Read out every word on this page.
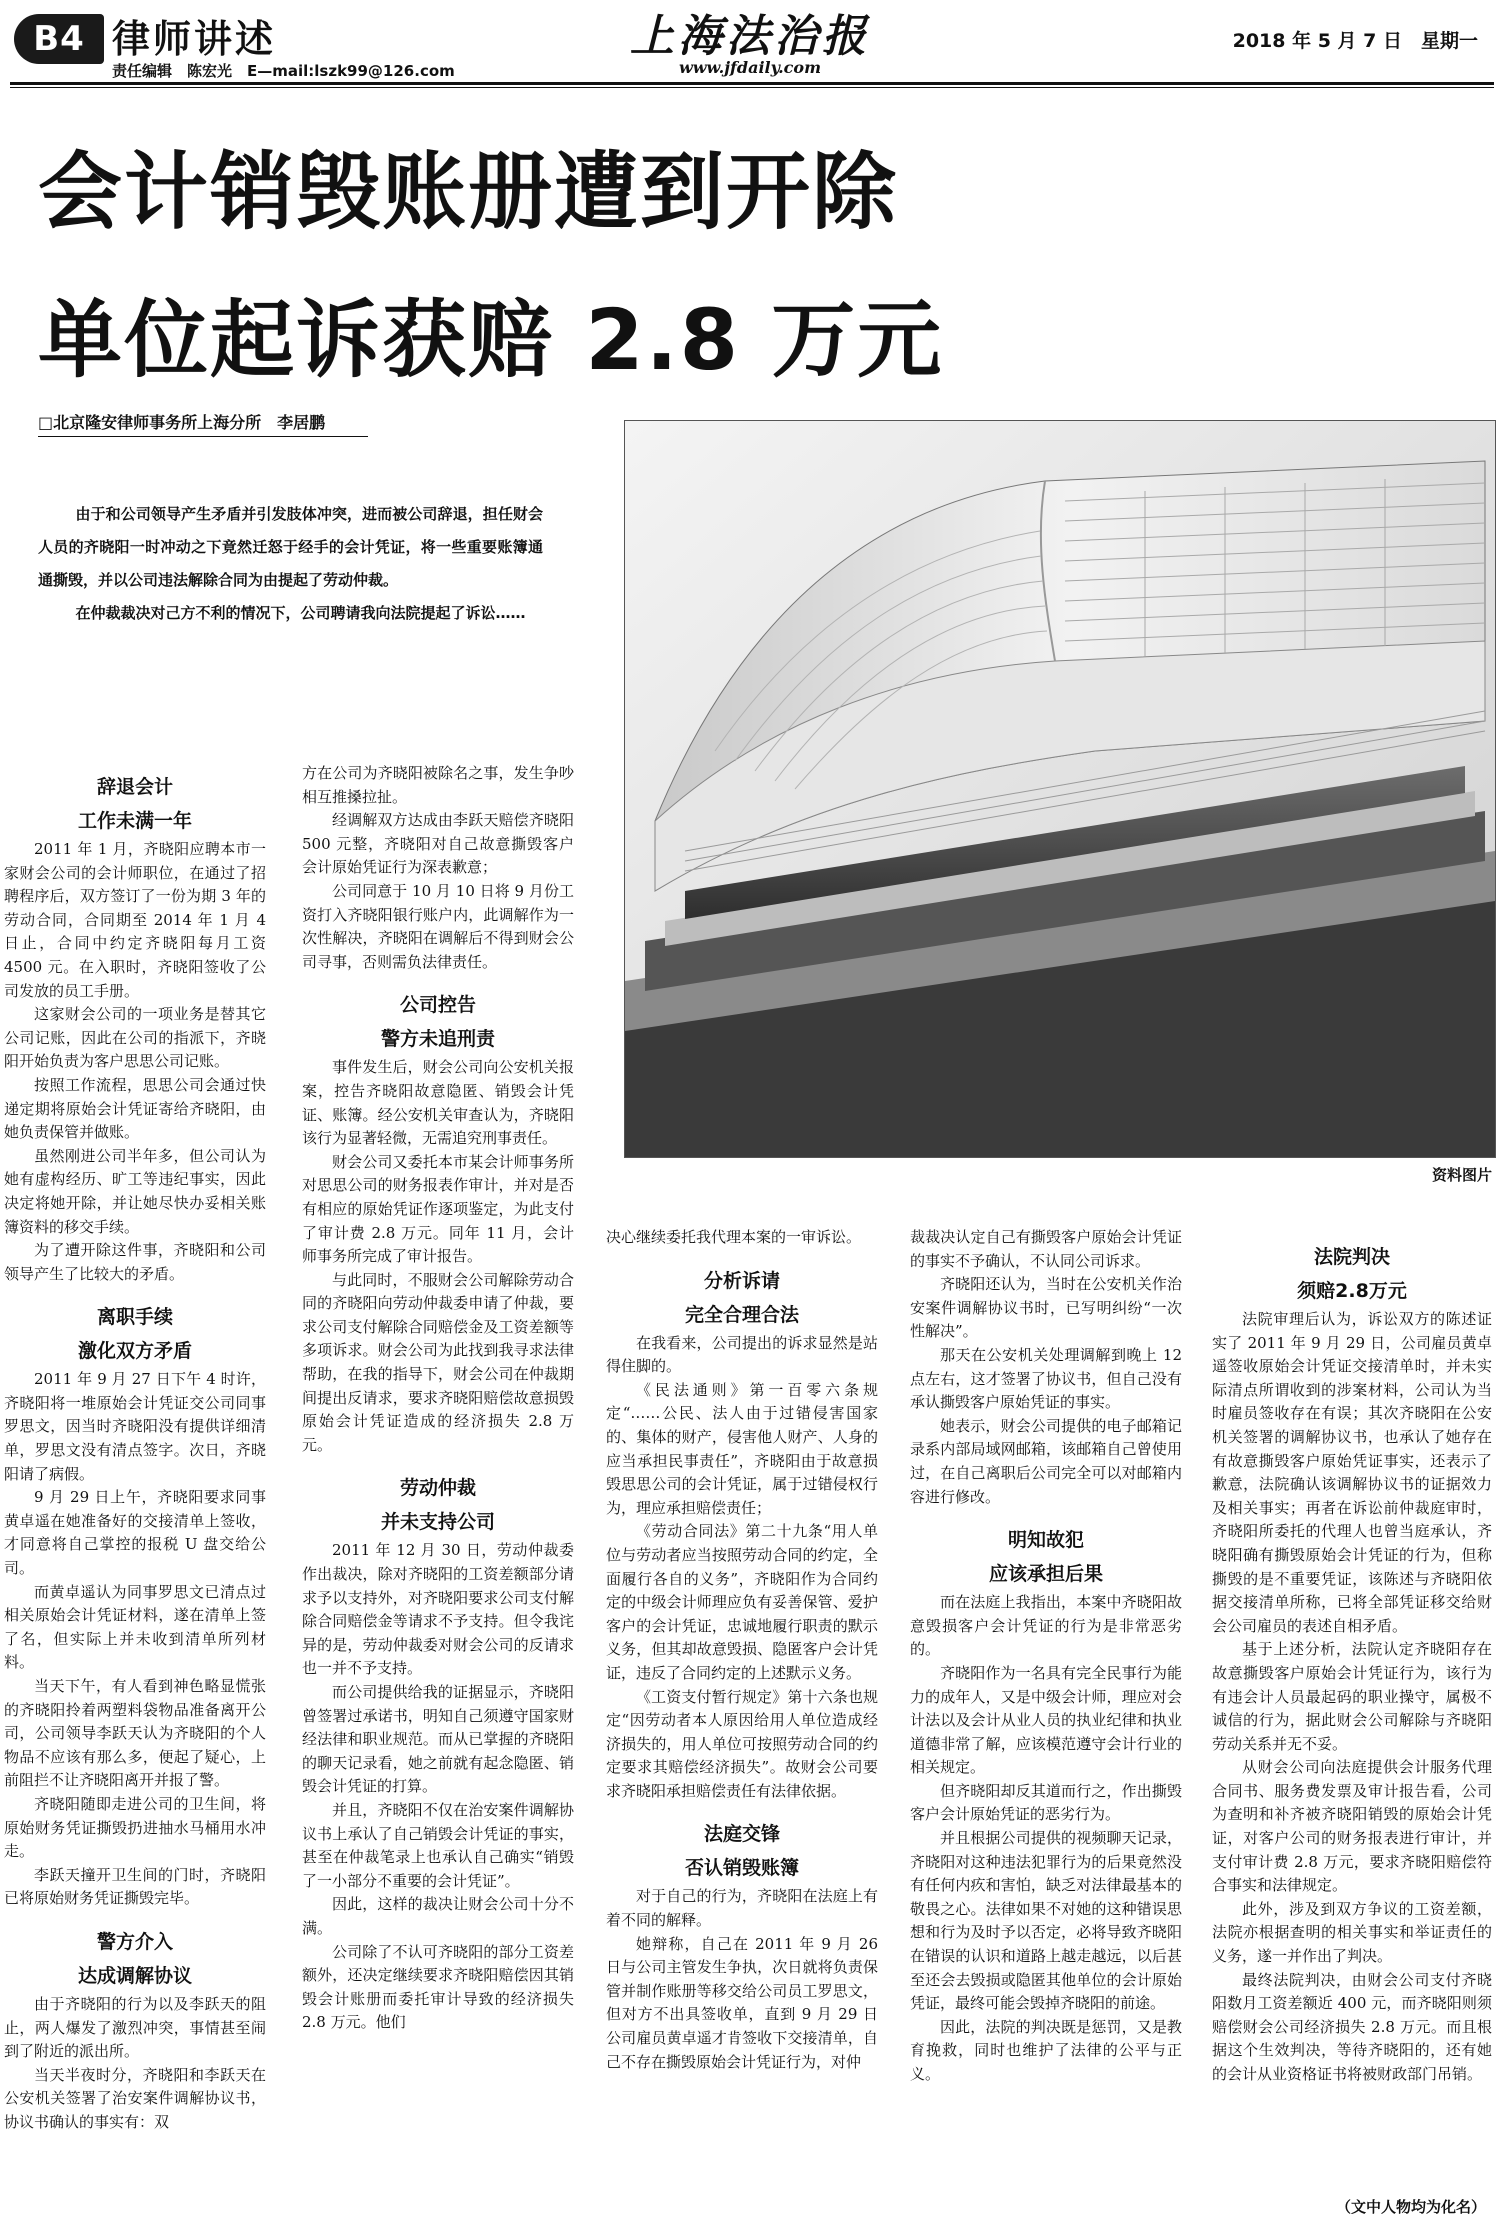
B4 律师讲述
责任编辑　陈宏光　E—mail:lszk99@126.com
上海法治报
www.jfdaily.com
2018 年 5 月 7 日　星期一
会计销毁账册遭到开除
单位起诉获赔 2.8 万元
□北京隆安律师事务所上海分所　李居鹏

由于和公司领导产生矛盾并引发肢体冲突，进而被公司辞退，担任财会人员的齐晓阳一时冲动之下竟然迁怒于经手的会计凭证，将一些重要账簿通通撕毁，并以公司违法解除合同为由提起了劳动仲裁。

在仲裁裁决对己方不利的情况下，公司聘请我向法院提起了诉讼……

资料图片

辞退会计

工作未满一年

2011 年 1 月，齐晓阳应聘本市一家财会公司的会计师职位，在通过了招聘程序后，双方签订了一份为期 3 年的劳动合同，合同期至 2014 年 1 月 4 日止，合同中约定齐晓阳每月工资 4500 元。在入职时，齐晓阳签收了公司发放的员工手册。

这家财会公司的一项业务是替其它公司记账，因此在公司的指派下，齐晓阳开始负责为客户思思公司记账。

按照工作流程，思思公司会通过快递定期将原始会计凭证寄给齐晓阳，由她负责保管并做账。

虽然刚进公司半年多，但公司认为她有虚构经历、旷工等违纪事实，因此决定将她开除，并让她尽快办妥相关账簿资料的移交手续。

为了遭开除这件事，齐晓阳和公司领导产生了比较大的矛盾。

离职手续

激化双方矛盾

2011 年 9 月 27 日下午 4 时许，齐晓阳将一堆原始会计凭证交公司同事罗思文，因当时齐晓阳没有提供详细清单，罗思文没有清点签字。次日，齐晓阳请了病假。

9 月 29 日上午，齐晓阳要求同事黄卓遥在她准备好的交接清单上签收，才同意将自己掌控的报税 U 盘交给公司。

而黄卓遥认为同事罗思文已清点过相关原始会计凭证材料，遂在清单上签了名，但实际上并未收到清单所列材料。

当天下午，有人看到神色略显慌张的齐晓阳拎着两塑料袋物品准备离开公司，公司领导李跃天认为齐晓阳的个人物品不应该有那么多，便起了疑心，上前阻拦不让齐晓阳离开并报了警。

齐晓阳随即走进公司的卫生间，将原始财务凭证撕毁扔进抽水马桶用水冲走。

李跃天撞开卫生间的门时，齐晓阳已将原始财务凭证撕毁完毕。

警方介入

达成调解协议

由于齐晓阳的行为以及李跃天的阻止，两人爆发了激烈冲突，事情甚至闹到了附近的派出所。

当天半夜时分，齐晓阳和李跃天在公安机关签署了治安案件调解协议书，协议书确认的事实有：双

方在公司为齐晓阳被除名之事，发生争吵相互推搡拉扯。

经调解双方达成由李跃天赔偿齐晓阳 500 元整，齐晓阳对自己故意撕毁客户会计原始凭证行为深表歉意；

公司同意于 10 月 10 日将 9 月份工资打入齐晓阳银行账户内，此调解作为一次性解决，齐晓阳在调解后不得到财会公司寻事，否则需负法律责任。

公司控告

警方未追刑责

事件发生后，财会公司向公安机关报案，控告齐晓阳故意隐匿、销毁会计凭证、账簿。经公安机关审查认为，齐晓阳该行为显著轻微，无需追究刑事责任。

财会公司又委托本市某会计师事务所对思思公司的财务报表作审计，并对是否有相应的原始凭证作逐项鉴定，为此支付了审计费 2.8 万元。同年 11 月，会计师事务所完成了审计报告。

与此同时，不服财会公司解除劳动合同的齐晓阳向劳动仲裁委申请了仲裁，要求公司支付解除合同赔偿金及工资差额等多项诉求。财会公司为此找到我寻求法律帮助，在我的指导下，财会公司在仲裁期间提出反请求，要求齐晓阳赔偿故意损毁原始会计凭证造成的经济损失 2.8 万元。

劳动仲裁

并未支持公司

2011 年 12 月 30 日，劳动仲裁委作出裁决，除对齐晓阳的工资差额部分请求予以支持外，对齐晓阳要求公司支付解除合同赔偿金等请求不予支持。但令我诧异的是，劳动仲裁委对财会公司的反请求也一并不予支持。

而公司提供给我的证据显示，齐晓阳曾签署过承诺书，明知自己须遵守国家财经法律和职业规范。而从已掌握的齐晓阳的聊天记录看，她之前就有起念隐匿、销毁会计凭证的打算。

并且，齐晓阳不仅在治安案件调解协议书上承认了自己销毁会计凭证的事实，甚至在仲裁笔录上也承认自己确实“销毁了一小部分不重要的会计凭证”。

因此，这样的裁决让财会公司十分不满。

公司除了不认可齐晓阳的部分工资差额外，还决定继续要求齐晓阳赔偿因其销毁会计账册而委托审计导致的经济损失 2.8 万元。他们

决心继续委托我代理本案的一审诉讼。

分析诉请

完全合理合法

在我看来，公司提出的诉求显然是站得住脚的。

《民法通则》第一百零六条规定“……公民、法人由于过错侵害国家的、集体的财产，侵害他人财产、人身的应当承担民事责任”，齐晓阳由于故意损毁思思公司的会计凭证，属于过错侵权行为，理应承担赔偿责任；

《劳动合同法》第二十九条“用人单位与劳动者应当按照劳动合同的约定，全面履行各自的义务”，齐晓阳作为合同约定的中级会计师理应负有妥善保管、爱护客户的会计凭证，忠诚地履行职责的默示义务，但其却故意毁损、隐匿客户会计凭证，违反了合同约定的上述默示义务。

《工资支付暂行规定》第十六条也规定“因劳动者本人原因给用人单位造成经济损失的，用人单位可按照劳动合同的约定要求其赔偿经济损失”。故财会公司要求齐晓阳承担赔偿责任有法律依据。

法庭交锋

否认销毁账簿

对于自己的行为，齐晓阳在法庭上有着不同的解释。

她辩称，自己在 2011 年 9 月 26 日与公司主管发生争执，次日就将负责保管并制作账册等移交给公司员工罗思文，但对方不出具签收单，直到 9 月 29 日公司雇员黄卓遥才肯签收下交接清单，自己不存在撕毁原始会计凭证行为，对仲

裁裁决认定自己有撕毁客户原始会计凭证的事实不予确认，不认同公司诉求。

齐晓阳还认为，当时在公安机关作治安案件调解协议书时，已写明纠纷“一次性解决”。

那天在公安机关处理调解到晚上 12 点左右，这才签署了协议书，但自己没有承认撕毁客户原始凭证的事实。

她表示，财会公司提供的电子邮箱记录系内部局域网邮箱，该邮箱自己曾使用过，在自己离职后公司完全可以对邮箱内容进行修改。

明知故犯

应该承担后果

而在法庭上我指出，本案中齐晓阳故意毁损客户会计凭证的行为是非常恶劣的。

齐晓阳作为一名具有完全民事行为能力的成年人，又是中级会计师，理应对会计法以及会计从业人员的执业纪律和执业道德非常了解，应该模范遵守会计行业的相关规定。

但齐晓阳却反其道而行之，作出撕毁客户会计原始凭证的恶劣行为。

并且根据公司提供的视频聊天记录，齐晓阳对这种违法犯罪行为的后果竟然没有任何内疚和害怕，缺乏对法律最基本的敬畏之心。法律如果不对她的这种错误思想和行为及时予以否定，必将导致齐晓阳在错误的认识和道路上越走越远，以后甚至还会去毁损或隐匿其他单位的会计原始凭证，最终可能会毁掉齐晓阳的前途。

因此，法院的判决既是惩罚，又是教育挽救，同时也维护了法律的公平与正义。

法院判决

须赔2.8万元

法院审理后认为，诉讼双方的陈述证实了 2011 年 9 月 29 日，公司雇员黄卓遥签收原始会计凭证交接清单时，并未实际清点所谓收到的涉案材料，公司认为当时雇员签收存在有误；其次齐晓阳在公安机关签署的调解协议书，也承认了她存在有故意撕毁客户原始凭证事实，还表示了歉意，法院确认该调解协议书的证据效力及相关事实；再者在诉讼前仲裁庭审时，齐晓阳所委托的代理人也曾当庭承认，齐晓阳确有撕毁原始会计凭证的行为，但称撕毁的是不重要凭证，该陈述与齐晓阳依据交接清单所称，已将全部凭证移交给财会公司雇员的表述自相矛盾。

基于上述分析，法院认定齐晓阳存在故意撕毁客户原始会计凭证行为，该行为有违会计人员最起码的职业操守，属极不诚信的行为，据此财会公司解除与齐晓阳劳动关系并无不妥。

从财会公司向法庭提供会计服务代理合同书、服务费发票及审计报告看，公司为查明和补齐被齐晓阳销毁的原始会计凭证，对客户公司的财务报表进行审计，并支付审计费 2.8 万元，要求齐晓阳赔偿符合事实和法律规定。

此外，涉及到双方争议的工资差额，法院亦根据查明的相关事实和举证责任的义务，遂一并作出了判决。

最终法院判决，由财会公司支付齐晓阳数月工资差额近 400 元，而齐晓阳则须赔偿财会公司经济损失 2.8 万元。而且根据这个生效判决，等待齐晓阳的，还有她的会计从业资格证书将被财政部门吊销。

（文中人物均为化名）
